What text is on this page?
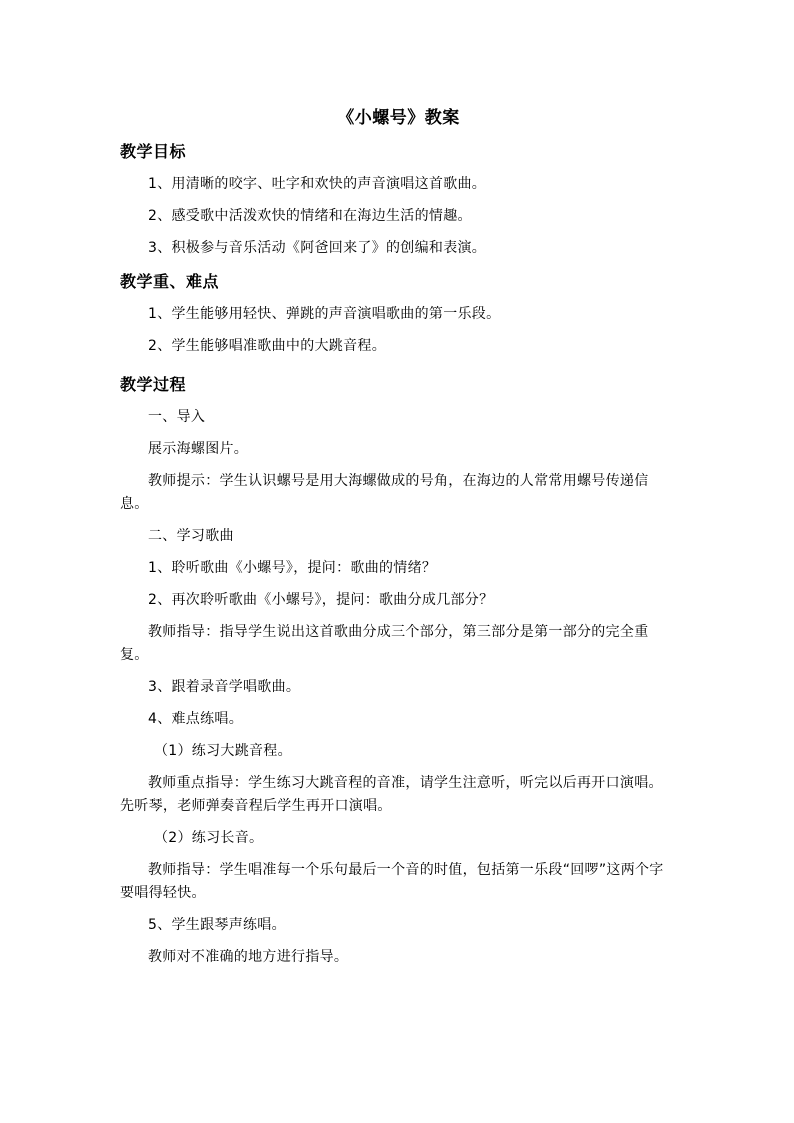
《小螺号》教案
教学目标
1、用清晰的咬字、吐字和欢快的声音演唱这首歌曲。
2、感受歌中活泼欢快的情绪和在海边生活的情趣。
3、积极参与音乐活动《阿爸回来了》的创编和表演。
教学重、难点
1、学生能够用轻快、弹跳的声音演唱歌曲的第一乐段。
2、学生能够唱准歌曲中的大跳音程。
教学过程
一、导入
展示海螺图片。
教师提示：学生认识螺号是用大海螺做成的号角，在海边的人常常用螺号传递信息。
二、学习歌曲
1、聆听歌曲《小螺号》，提问：歌曲的情绪？
2、再次聆听歌曲《小螺号》，提问：歌曲分成几部分？
教师指导：指导学生说出这首歌曲分成三个部分，第三部分是第一部分的完全重复。
3、跟着录音学唱歌曲。
4、难点练唱。
（1）练习大跳音程。
教师重点指导：学生练习大跳音程的音准，请学生注意听，听完以后再开口演唱。先听琴，老师弹奏音程后学生再开口演唱。
（2）练习长音。
教师指导：学生唱准每一个乐句最后一个音的时值，包括第一乐段“回啰”这两个字要唱得轻快。
5、学生跟琴声练唱。
教师对不准确的地方进行指导。
